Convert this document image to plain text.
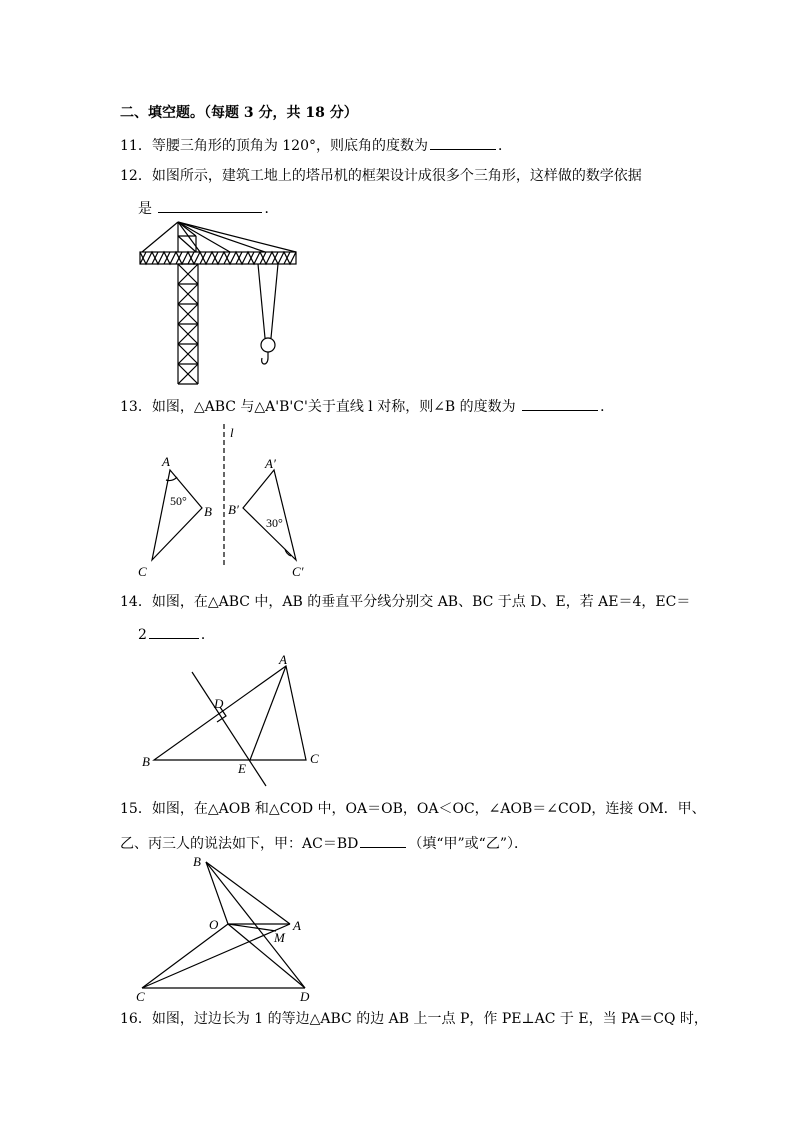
二、填空题。（每题 3 分，共 18 分）
11．等腰三角形的顶角为 120°，则底角的度数为	．
12．如图所示，建筑工地上的塔吊机的框架设计成很多个三角形，这样做的数学依据
是	．
13．如图，△ABC 与△A'B'C'关于直线 l 对称，则∠B 的度数为	．
l
A
B
C
50°
A′
B′
C′
30°
14．如图，在△ABC 中，AB 的垂直平分线分别交 AB、BC 于点 D、E，若 AE＝4，EC＝
2	．
A
B	C
D
E
15．如图，在△AOB 和△COD 中，OA＝OB，OA＜OC，∠AOB＝∠COD，连接 OM．甲、
乙、丙三人的说法如下，甲：AC＝BD	（填“甲”或“乙”）．
B
O	A
M
C	D
16．如图，过边长为 1 的等边△ABC 的边 AB 上一点 P，作 PE⊥AC 于 E，当 PA＝CQ 时，
